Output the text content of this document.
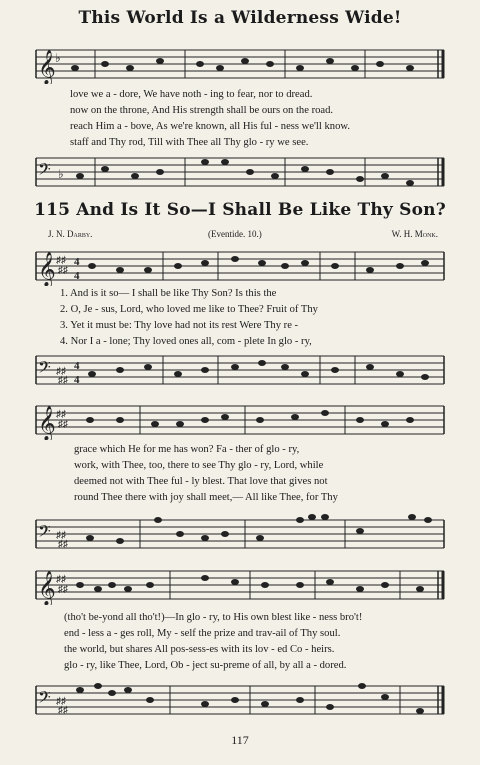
This World Is a Wilderness Wide!
𝄞 ♭
love we a - dore, We have noth - ing to fear, nor to dread.
now on the throne, And His strength shall be ours on the road.
reach Him a - bove, As we're known, all His ful - ness we'll know.
staff and Thy rod, Till with Thee all Thy glo - ry we see.
𝄢 ♭
115 And Is It So—I Shall Be Like Thy Son?
J. N. Darby.	(Eventide. 10.)	W. H. Monk.
𝄞 ♯♯
♯♯
4
4
1. And is it so— I shall be like Thy Son? Is this the
2. O, Je - sus, Lord, who loved me like to Thee? Fruit of Thy
3. Yet it must be: Thy love had not its rest Were Thy re -
4. Nor I a - lone; Thy loved ones all, com - plete In glo - ry,
𝄢 ♯♯
♯♯
4
4
𝄞 ♯♯
♯♯
grace which He for me has won? Fa - ther of glo - ry,
work, with Thee, too, there to see Thy glo - ry, Lord, while
deemed not with Thee ful - ly blest. That love that gives not
round Thee there with joy shall meet,— All like Thee, for Thy
𝄢 ♯♯
♯♯
𝄞 ♯♯
♯♯
(tho't be-yond all tho't!)—In glo - ry, to His own blest like - ness bro't!
end - less a - ges roll, My - self the prize and trav-ail of Thy soul.
the world, but shares All pos-sess-es with its lov - ed Co - heirs.
glo - ry, like Thee, Lord, Ob - ject su-preme of all, by all a - dored.
𝄢 ♯♯
♯♯
117
